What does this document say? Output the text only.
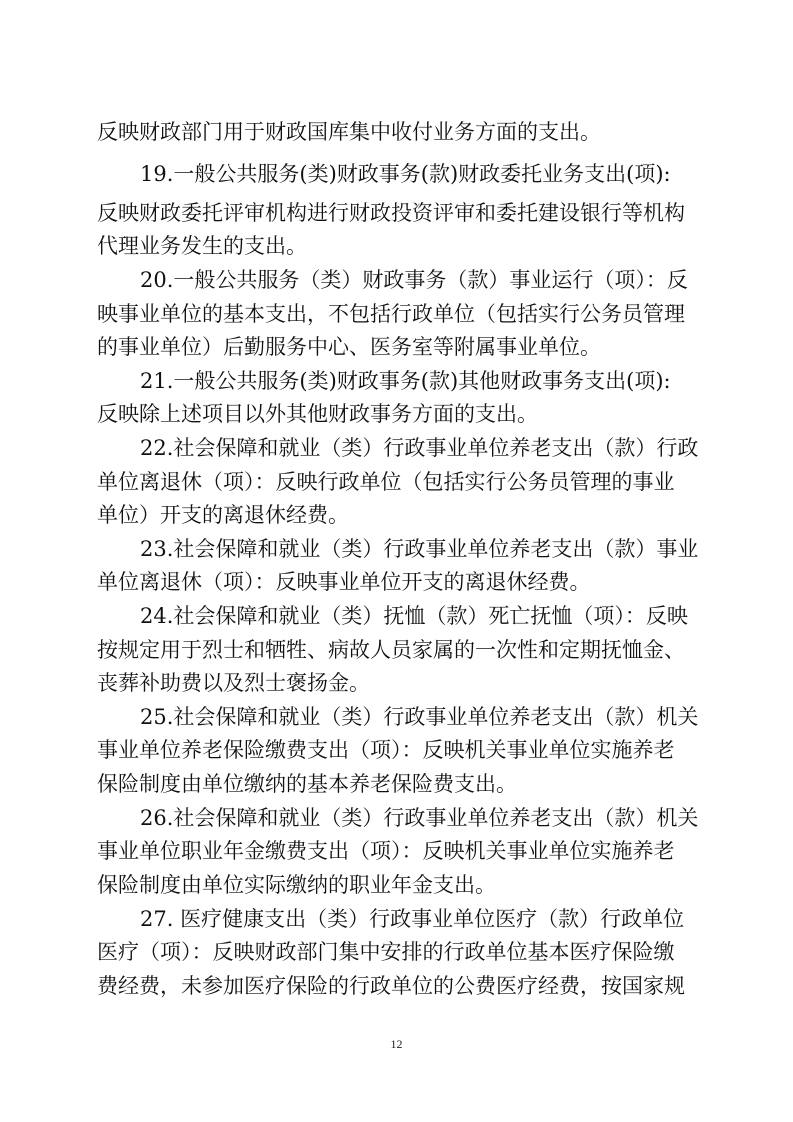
反映财政部门用于财政国库集中收付业务方面的支出。
19.一般公共服务(类)财政事务(款)财政委托业务支出(项):
反映财政委托评审机构进行财政投资评审和委托建设银行等机构
代理业务发生的支出。
20.一般公共服务（类）财政事务（款）事业运行（项）：反
映事业单位的基本支出，不包括行政单位（包括实行公务员管理
的事业单位）后勤服务中心、医务室等附属事业单位。
21.一般公共服务(类)财政事务(款)其他财政事务支出(项):
反映除上述项目以外其他财政事务方面的支出。
22.社会保障和就业（类）行政事业单位养老支出（款）行政
单位离退休（项）：反映行政单位（包括实行公务员管理的事业
单位）开支的离退休经费。
23.社会保障和就业（类）行政事业单位养老支出（款）事业
单位离退休（项）：反映事业单位开支的离退休经费。
24.社会保障和就业（类）抚恤（款）死亡抚恤（项）：反映
按规定用于烈士和牺牲、病故人员家属的一次性和定期抚恤金、
丧葬补助费以及烈士褒扬金。
25.社会保障和就业（类）行政事业单位养老支出（款）机关
事业单位养老保险缴费支出（项）：反映机关事业单位实施养老
保险制度由单位缴纳的基本养老保险费支出。
26.社会保障和就业（类）行政事业单位养老支出（款）机关
事业单位职业年金缴费支出（项）：反映机关事业单位实施养老
保险制度由单位实际缴纳的职业年金支出。
27. 医疗健康支出（类）行政事业单位医疗（款）行政单位
医疗（项）：反映财政部门集中安排的行政单位基本医疗保险缴
费经费，未参加医疗保险的行政单位的公费医疗经费，按国家规
12
